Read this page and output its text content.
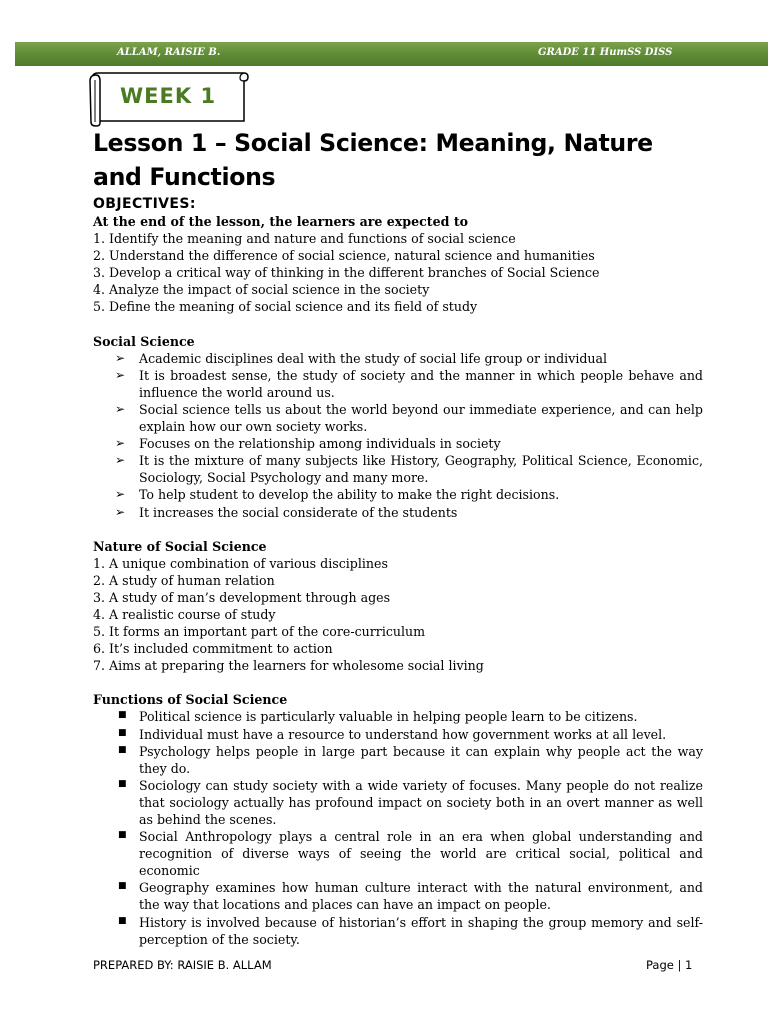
ALLAM, RAISIE B.	GRADE 11 HumSS DISS
WEEK 1
Lesson 1 – Social Science: Meaning, Nature and Functions
OBJECTIVES:

At the end of the lesson, the learners are expected to

1. Identify the meaning and nature and functions of social science

2. Understand the difference of social science, natural science and humanities

3. Develop a critical way of thinking in the different branches of Social Science

4. Analyze the impact of social science in the society

5. Define the meaning of social science and its field of study

Social Science

➢ Academic disciplines deal with the study of social life group or individual
➢ It is broadest sense, the study of society and the manner in which people behave and influence the world around us.
➢ Social science tells us about the world beyond our immediate experience, and can help explain how our own society works.
➢ Focuses on the relationship among individuals in society
➢ It is the mixture of many subjects like History, Geography, Political Science, Economic, Sociology, Social Psychology and many more.
➢ To help student to develop the ability to make the right decisions.
➢ It increases the social considerate of the students

Nature of Social Science

1. A unique combination of various disciplines

2. A study of human relation

3. A study of man’s development through ages

4. A realistic course of study

5. It forms an important part of the core-curriculum

6. It’s included commitment to action

7. Aims at preparing the learners for wholesome social living

Functions of Social Science

■ Political science is particularly valuable in helping people learn to be citizens.
■ Individual must have a resource to understand how government works at all level.
■ Psychology helps people in large part because it can explain why people act the way they do.
■ Sociology can study society with a wide variety of focuses. Many people do not realize that sociology actually has profound impact on society both in an overt manner as well as behind the scenes.
■ Social Anthropology plays a central role in an era when global understanding and recognition of diverse ways of seeing the world are critical social, political and economic
■ Geography examines how human culture interact with the natural environment, and the way that locations and places can have an impact on people.
■ History is involved because of historian’s effort in shaping the group memory and self-perception of the society.
PREPARED BY: RAISIE B. ALLAM	Page | 1
